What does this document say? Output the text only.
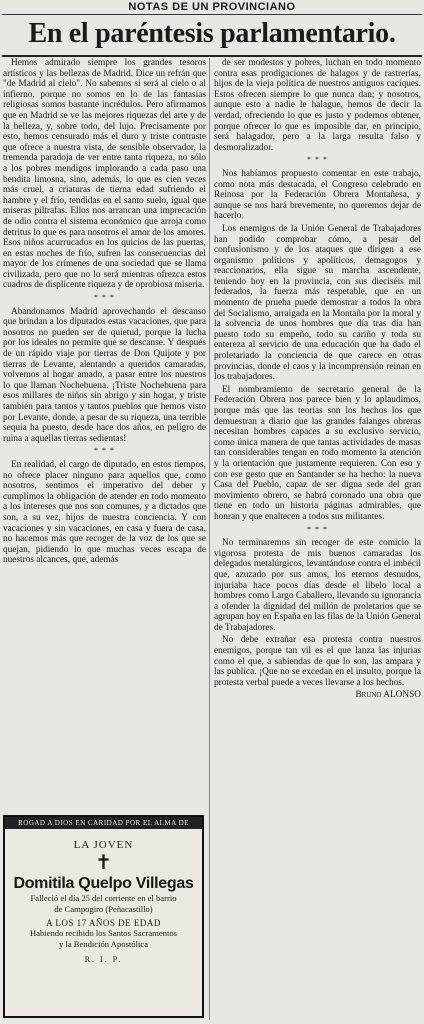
NOTAS DE UN PROVINCIANO
En el paréntesis parlamentario.

Hemos admirado siempre los grandes tesoros artísticos y las bellezas de Madrid. Dice un refrán que "de Madrid al cielo". No sabemos si será al cielo o al infierno, porque no somos en lo de las fantasías religiosas somos bastante incrédulos. Pero afirmamos que en Madrid se ve las mejores riquezas del arte y de la belleza, y, sobre todo, del lujo. Precisamente por esto, hemos censurado más el duro y triste contraste que ofrece a nuestra vista, de sensible observador, la tremenda paradoja de ver entre tanta riqueza, no sólo a los pobres mendigos implorando a cada paso una bendita limosna, sino, además, lo que es cien veces más cruel, a criaturas de tierna edad sufriendo el hambre y el frío, tendidas en el santo suelo, igual que miseras piltrafas. Ellos nos arrancan una imprecación de odio contra el sistema económico que arroja como detritus lo que es para nosotros el amor de los amores. Esos niños acurrucados en los quicios de las puertas, en estas noches de frío, sufren las consecuencias del mayor de los crímenes de una sociedad que se llama civilizada, pero que no lo será mientras ofrezca estos cuadros de displicente riqueza y de oprobiosa miseria.

* * *

Abandonamos Madrid aprovechando el descanso que brindan a los diputados estas vacaciones, que para nosotros no pueden ser de quietud, porque la lucha por los ideales no permite que se descanse. Y después de un rápido viaje por tierras de Don Quijote y por tierras de Levante, alentando a queridos camaradas, volvemos al hogar amado, a pasar entre los nuestros lo que llaman Nochebuena. ¡Triste Nochebuena para esos millares de niños sin abrigo y sin hogar, y triste también para tantos y tantos pueblos que hemos visto por Levante, donde, a pesar de su riqueza, una terrible sequía ha puesto, desde hace dos años, en peligro de ruina a aquellas tierras sedientas!

* * *

En realidad, el cargo de diputado, en estos tiempos, no ofrece placer ninguno para aquellos que, como nosotros, sentimos el imperativo del deber y cumplimos la obligación de atender en todo momento a los intereses que nos son comunes, y a dictados que son, a su vez, hijos de nuestra conciencia. Y con vacaciones y sin vacaciones, en casa y fuera de casa, no hacemos más que recoger de la voz de los que se quejan, pidiendo lo que muchas veces escapa de nuestros alcances, que, además

de ser modestos y pobres, luchan en todo momento contra esas prodigaciones de halagos y de rastrerías, hijos de la vieja política de nuestros antiguos caciques. Estos ofrecen siempre lo que nunca dan; y nosotros, aunque esto a nadie le halague, hemos de decir la verdad, ofreciendo lo que es justo y podemos obtener, porque ofrecer lo que es imposible dar, en principio, será halagador, pero a la larga resulta falso y desmoralizador.

* * *

Nos habíamos propuesto comentar en este trabajo, como nota más destacada, el Congreso celebrado en Reinosa por la Federación Obrera Montañesa, y aunque se nos hará brevemente, no queremos dejar de hacerlo.

Los enemigos de la Unión General de Trabajadores han podido comprobar cómo, a pesar del confusionismo y de los ataques que dirigen a ese organismo políticos y apolíticos, demagogos y reaccionarios, ella sigue su marcha ascendente, teniendo hoy en la provincia, con sus dieciséis mil federados, la fuerza más respetable, que en un momento de prueba puede demostrar a todos la obra del Socialismo, arraigada en la Montaña por la moral y la solvencia de unos hombres que día tras día han puesto todo su empeño, todo su cariño y toda su entereza al servicio de una educación que ha dado el proletariado la conciencia de que carece en otras provincias, donde el caos y la incomprensión reinan en los trabajadores.

El nombramiento de secretario general de la Federación Obrera nos parece bien y lo aplaudimos, porque más que las teorías son los hechos los que demuestran a diario que las grandes falanges obreras necesitan hombres capaces a su exclusivo servicio, como única manera de que tantas actividades de masas tan considerables tengan en todo momento la atención y la orientación que justamente requieren. Con eso y con ese gesto que en Santander se ha hecho: la nueva Casa del Pueblo, capaz de ser digna sede del gran movimiento obrero, se habrá coronado una obra que tiene en todo un historia páginas admirables, que honran y que enaltecen a todos sus militantes.

* * *

No terminaremos sin recoger de este comicio la vigorosa protesta de mis buenos camaradas los delegados metalúrgicos, levantándose contra el imbécil que, azuzado por sus amos, los eternos desnudos, injuriaba hace pocos días desde el libelo local a hombres como Largo Caballero, llevando su ignorancia a ofender la dignidad del millón de proletarios que se agrupan hoy en España en las filas de la Unión General de Trabajadores.

No debe extrañar esa protesta contra nuestros enemigos, porque tan vil es el que lanza las injurias como el que, a sabiendas de que lo son, las ampara y las publica. ¡Que no se excedan en el insulto, porque la protesta verbal puede a veces llevarse a los hechos.

Bruno ALONSO
ROGAD A DIOS EN CARIDAD POR EL ALMA DE
LA JOVEN
✝
Domitila Quelpo Villegas
Falleció el día 25 del corriente en el barrio
de Campogiro (Peñacastillo)
A LOS 17 AÑOS DE EDAD
Habiendo recibido los Santos Sacramentos
y la Bendición Apostólica
R. I. P.
